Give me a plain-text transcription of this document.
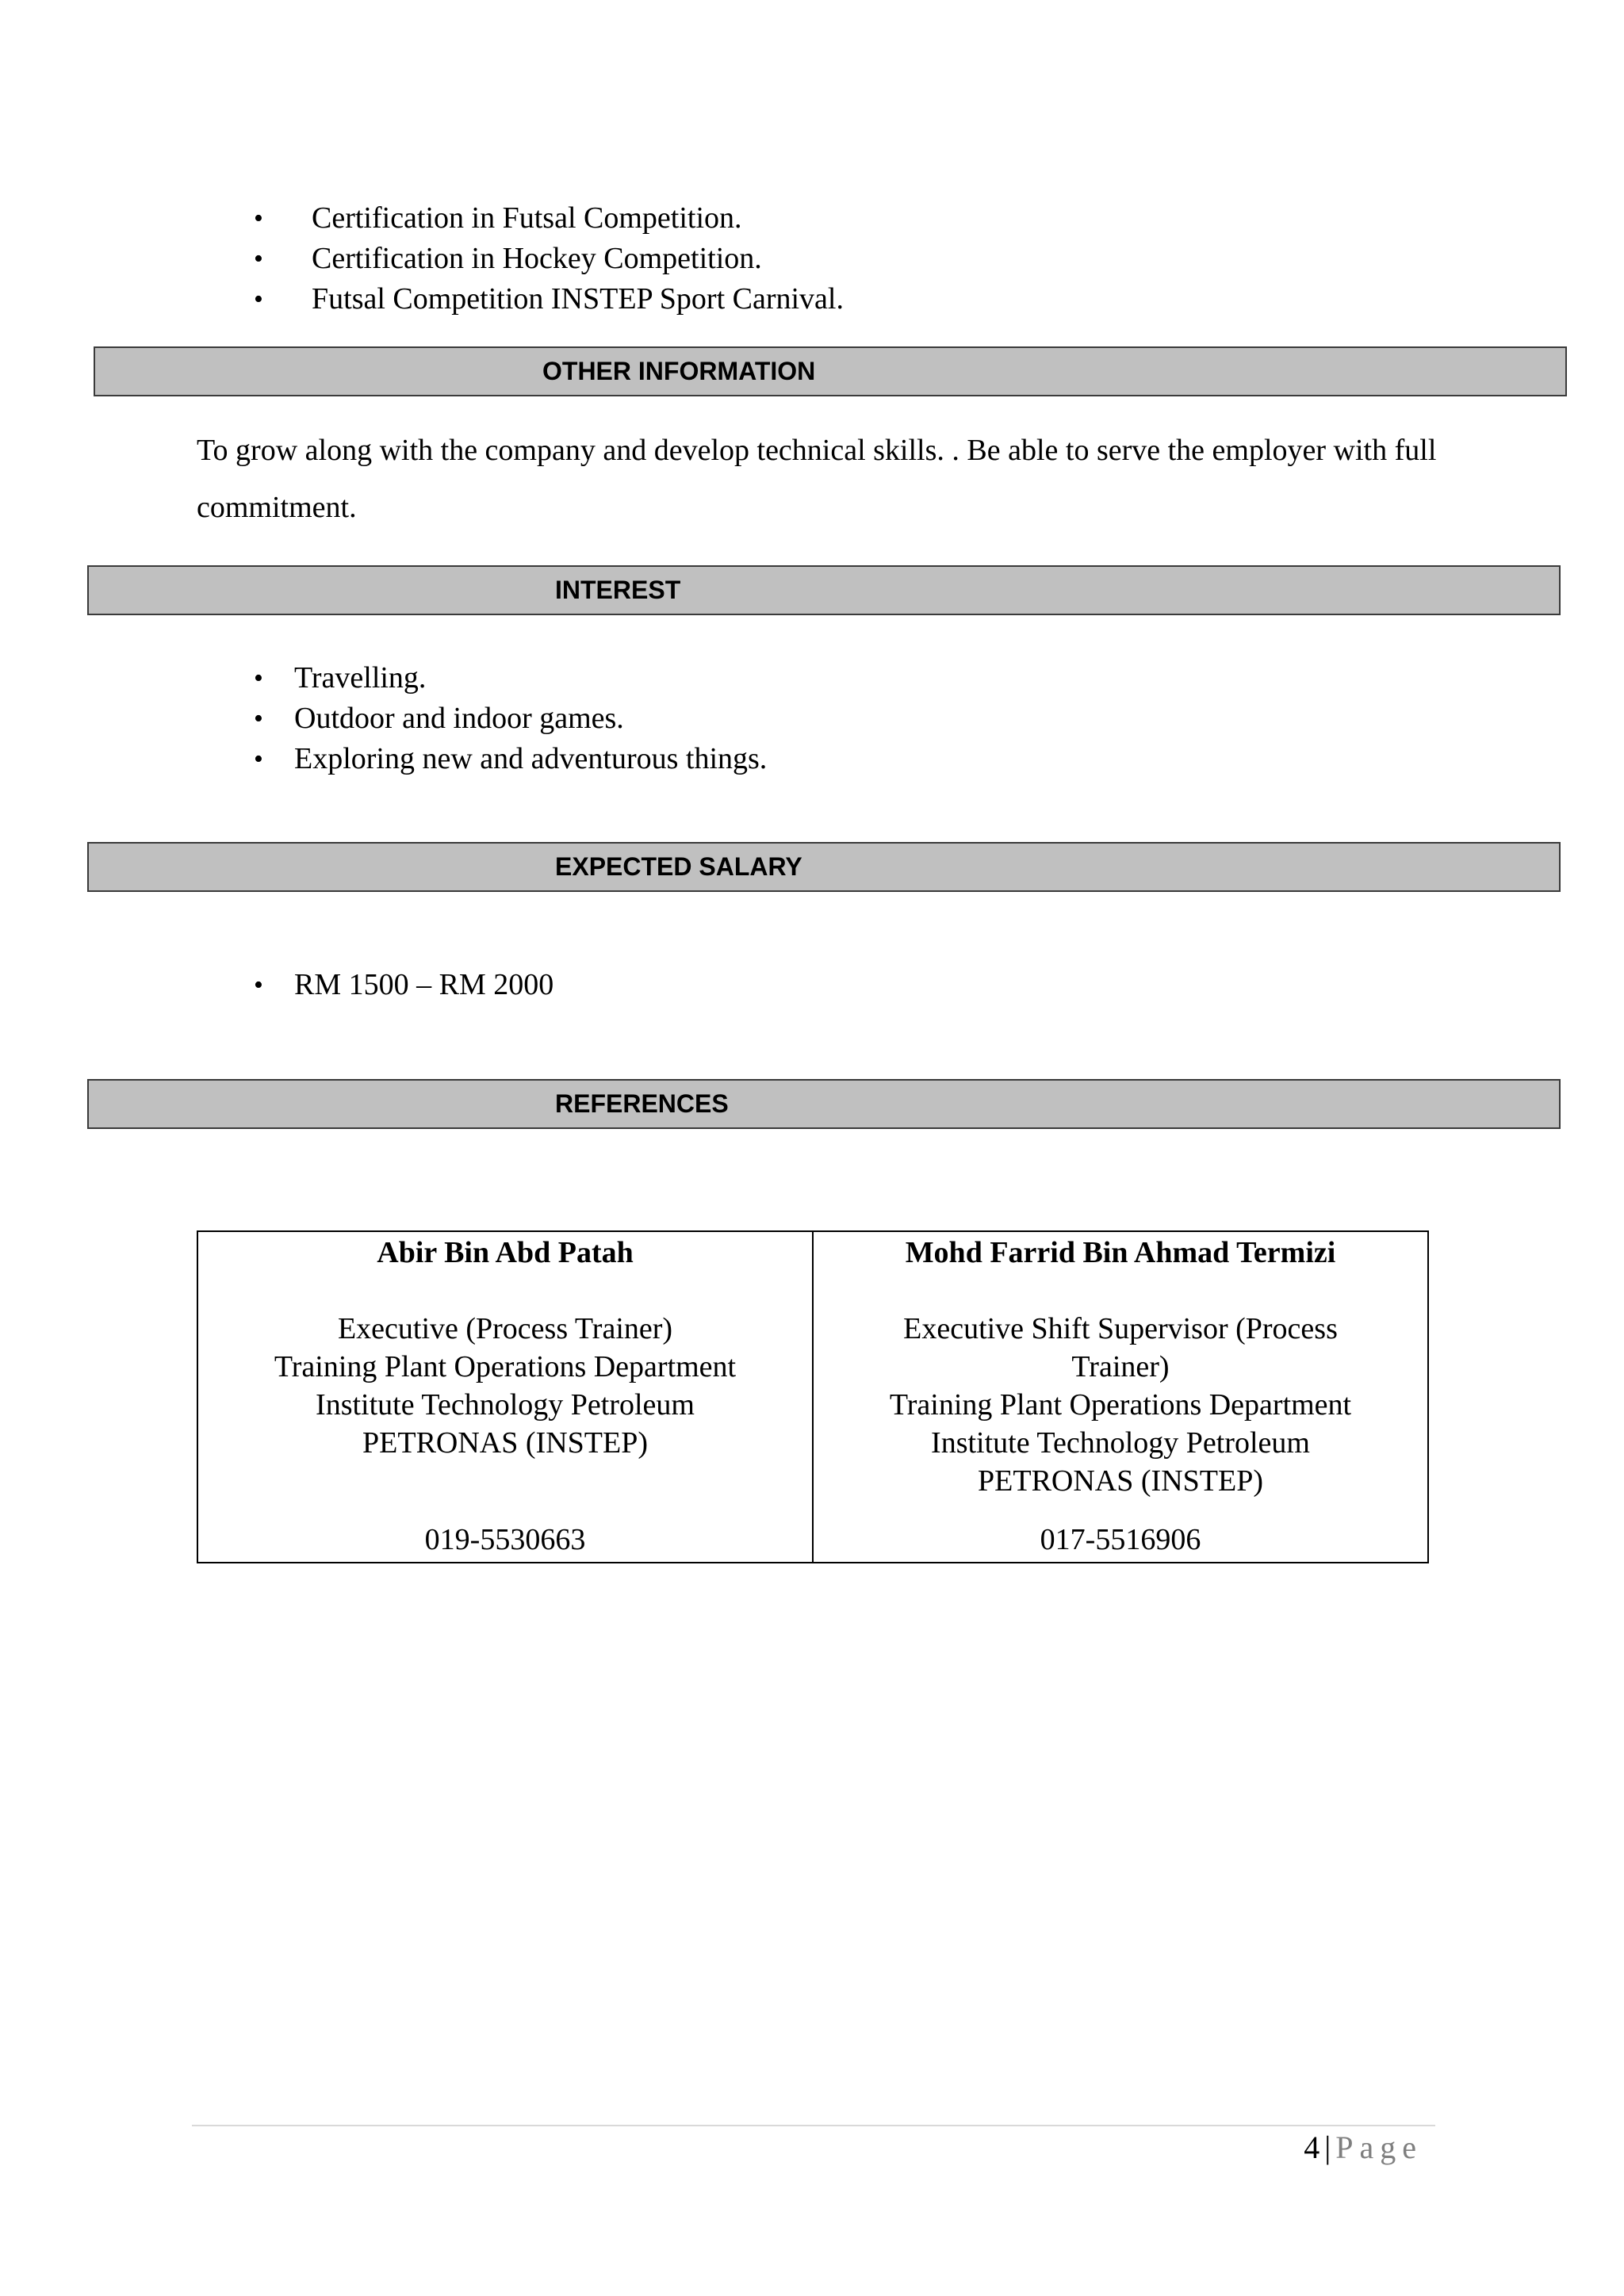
• Certification in Futsal Competition.
• Certification in Hockey Competition.
• Futsal Competition INSTEP Sport Carnival.
OTHER INFORMATION

To grow along with the company and develop technical skills. . Be able to serve the employer with full commitment.

INTEREST
• Travelling.
• Outdoor and indoor games.
• Exploring new and adventurous things.
EXPECTED SALARY
• RM 1500 – RM 2000
REFERENCES
Abir Bin Abd Patah
Executive (Process Trainer)
Training Plant Operations Department
Institute Technology Petroleum
PETRONAS (INSTEP)
019-5530663

Mohd Farrid Bin Ahmad Termizi
Executive Shift Supervisor (Process
Trainer)
Training Plant Operations Department
Institute Technology Petroleum
PETRONAS (INSTEP)
017-5516906
4 | Page
